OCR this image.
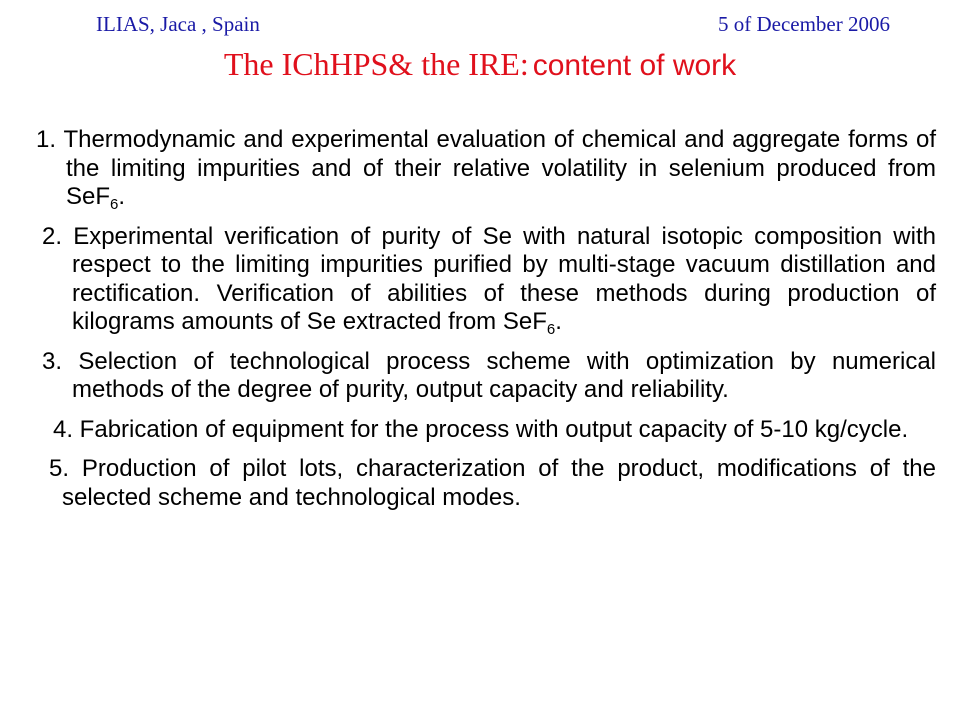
ILIAS, Jaca , Spain	5 of December 2006
The IChHPS& the IRE: content of work
1. Thermodynamic and experimental evaluation of chemical and aggregate forms of the limiting impurities and of their relative volatility in selenium produced from SeF$_6$.
2. Experimental verification of purity of Se with natural isotopic composition with respect to the limiting impurities purified by multi-stage vacuum distillation and rectification. Verification of abilities of these methods during production of kilograms amounts of Se extracted from SeF$_6$.
3. Selection of technological process scheme with optimization by numerical methods of the degree of purity, output capacity and reliability.
4. Fabrication of equipment for the process with output capacity of 5-10 kg/cycle.
5. Production of pilot lots, characterization of the product, modifications of the selected scheme and technological modes.
